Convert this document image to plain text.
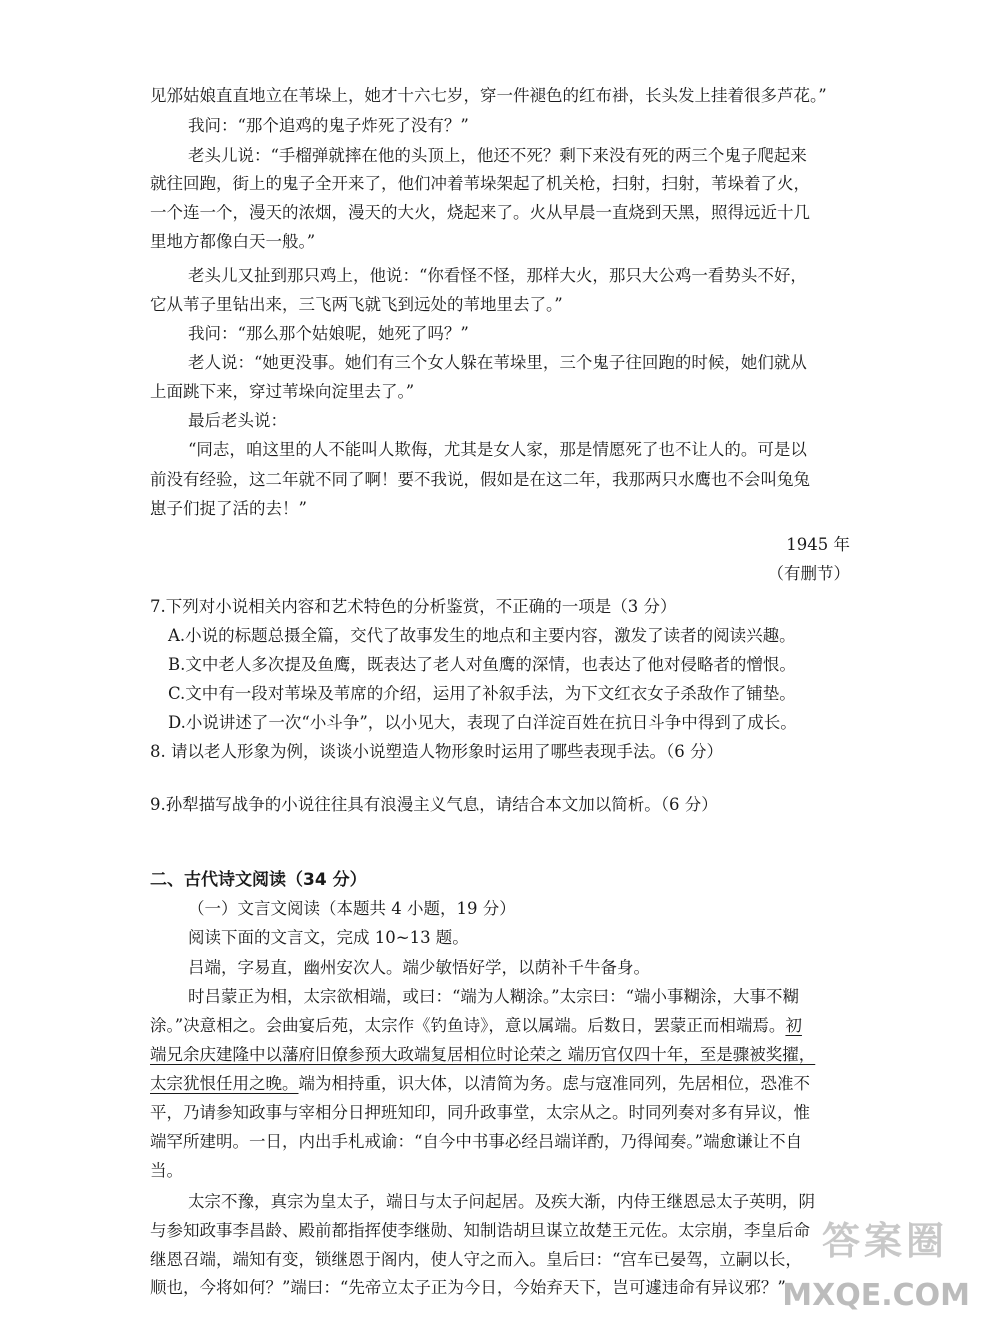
见邠姑娘直直地立在苇垛上，她才十六七岁，穿一件褪色的红布褂，长头发上挂着很多芦花。”
我问：“那个追鸡的鬼子炸死了没有？”
老头儿说：“手榴弹就摔在他的头顶上，他还不死？剩下来没有死的两三个鬼子爬起来
就往回跑，街上的鬼子全开来了，他们冲着苇垛架起了机关枪，扫射，扫射，苇垛着了火，
一个连一个，漫天的浓烟，漫天的大火，烧起来了。火从早晨一直烧到天黑，照得远近十几
里地方都像白天一般。”
老头儿又扯到那只鸡上，他说：“你看怪不怪，那样大火，那只大公鸡一看势头不好，
它从苇子里钻出来，三飞两飞就飞到远处的苇地里去了。”
我问：“那么那个姑娘呢，她死了吗？”
老人说：“她更没事。她们有三个女人躲在苇垛里，三个鬼子往回跑的时候，她们就从
上面跳下来，穿过苇垛向淀里去了。”
最后老头说：
“同志，咱这里的人不能叫人欺侮，尤其是女人家，那是情愿死了也不让人的。可是以
前没有经验，这二年就不同了啊！要不我说，假如是在这二年，我那两只水鹰也不会叫兔兔
崽子们捉了活的去！”
1945 年
（有删节）
7.下列对小说相关内容和艺术特色的分析鉴赏，不正确的一项是（3 分）
A.小说的标题总摄全篇，交代了故事发生的地点和主要内容，激发了读者的阅读兴趣。
B.文中老人多次提及鱼鹰，既表达了老人对鱼鹰的深情，也表达了他对侵略者的憎恨。
C.文中有一段对苇垛及苇席的介绍，运用了补叙手法，为下文红衣女子杀敌作了铺垫。
D.小说讲述了一次“小斗争”，以小见大，表现了白洋淀百姓在抗日斗争中得到了成长。
8. 请以老人形象为例，谈谈小说塑造人物形象时运用了哪些表现手法。（6 分）
9.孙犁描写战争的小说往往具有浪漫主义气息，请结合本文加以简析。（6 分）
二、古代诗文阅读（34 分）
（一）文言文阅读（本题共 4 小题，19 分）
阅读下面的文言文，完成 10~13 题。
吕端，字易直，幽州安次人。端少敏悟好学，以荫补千牛备身。
时吕蒙正为相，太宗欲相端，或曰：“端为人糊涂。”太宗曰：“端小事糊涂，大事不糊
涂。”决意相之。会曲宴后苑，太宗作《钓鱼诗》，意以属端。后数日，罢蒙正而相端焉。初
端兄余庆建隆中以藩府旧僚参预大政端复居相位时论荣之 端历官仅四十年，至是骤被奖擢，
太宗犹恨任用之晚。端为相持重，识大体，以清简为务。虑与寇准同列，先居相位，恐准不
平，乃请参知政事与宰相分日押班知印，同升政事堂，太宗从之。时同列奏对多有异议，惟
端罕所建明。一日，内出手札戒谕：“自今中书事必经吕端详酌，乃得闻奏。”端愈谦让不自
当。
太宗不豫，真宗为皇太子，端日与太子问起居。及疾大渐，内侍王继恩忌太子英明，阴
与参知政事李昌龄、殿前都指挥使李继勋、知制诰胡旦谋立故楚王元佐。太宗崩，李皇后命
继恩召端，端知有变，锁继恩于阁内，使人守之而入。皇后曰：“宫车已晏驾，立嗣以长，
顺也，今将如何？”端曰：“先帝立太子正为今日，今始弃天下，岂可遽违命有异议邪？”
答案圈
MXQE.COM
